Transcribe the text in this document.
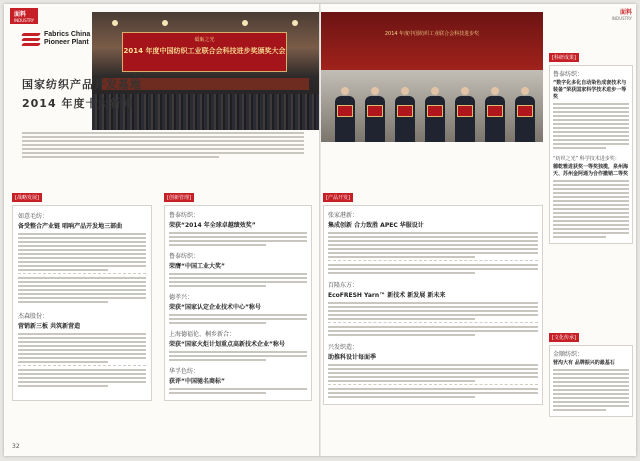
面料
INDUSTRY
Fabrics China
Pioneer Plant	砥砺之光
2014 年度中国纺织工业联合会科技进步奖颁奖大会
国家纺织产品开发基地
2014 年度十大新闻
[战略发展]
如意毛纺：
备受整合产业链 唱响产品开发地三部曲
杰森股份：
营销新三板 共筑新营造
[创新管理]
鲁泰纺织：
荣获“2014 年全球卓越绩效奖”
鲁泰纺织：
荣膺“中国工业大奖”
德孝兴：
荣获“国家认定企业技术中心”称号
上海德福伦、桐乡新合：
荣获“国家火炬计划重点高新技术企业”称号
华孚色纺：
获评“中国驰名商标”
32
面料
INDUSTRY
2014 年度中国纺织工业联合会科技进步奖
[科研成果]
鲁泰纺织：
“数字化多化自动染色成套技术与装备”荣获国家科学技术进步一等奖
“纺织之光” 科学技术进步奖：
德乾雅进获奖一等奖独揽，泉州海天、苏州金阿通为合作撤销二等奖
[产品开发]
张家港新：
集成创新 合力致胜 APEC 华服设计
百隆东方：
EcoFRESH Yarn™ 新技术 新发展 新未来
兴发织造：
助推科设计每面季
[文化传承]
金顺纺织：
营沟大有 品牌振兴的最基石
